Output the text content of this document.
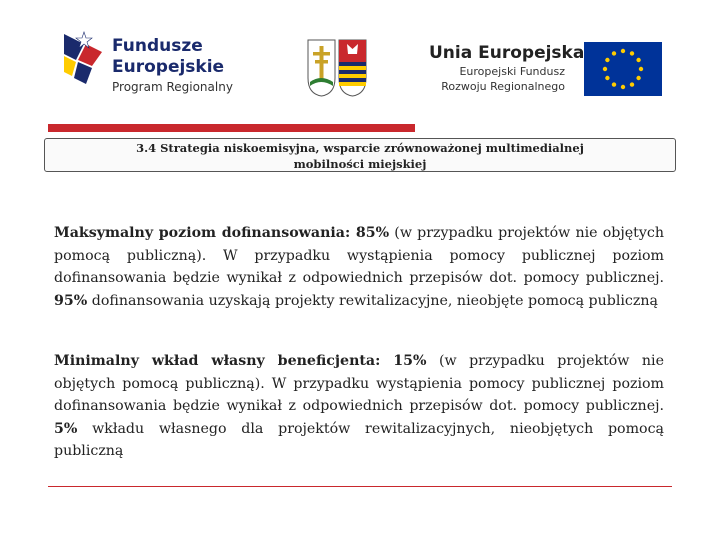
Fundusze
Europejskie
Program Regionalny
Unia Europejska
Europejski Fundusz
Rozwoju Regionalnego
3.4 Strategia niskoemisyjna, wsparcie zrównoważonej multimedialnej
mobilności miejskiej
Maksymalny poziom dofinansowania: 85% (w przypadku projektów nie objętych pomocą publiczną). W przypadku wystąpienia pomocy publicznej poziom dofinansowania będzie wynikał z odpowiednich przepisów dot. pomocy publicznej. 95% dofinansowania uzyskają projekty rewitalizacyjne, nieobjęte pomocą publiczną
Minimalny wkład własny beneficjenta: 15% (w przypadku projektów nie objętych pomocą publiczną). W przypadku wystąpienia pomocy publicznej poziom dofinansowania będzie wynikał z odpowiednich przepisów dot. pomocy publicznej. 5% wkładu własnego dla projektów rewitalizacyjnych, nieobjętych pomocą publiczną
